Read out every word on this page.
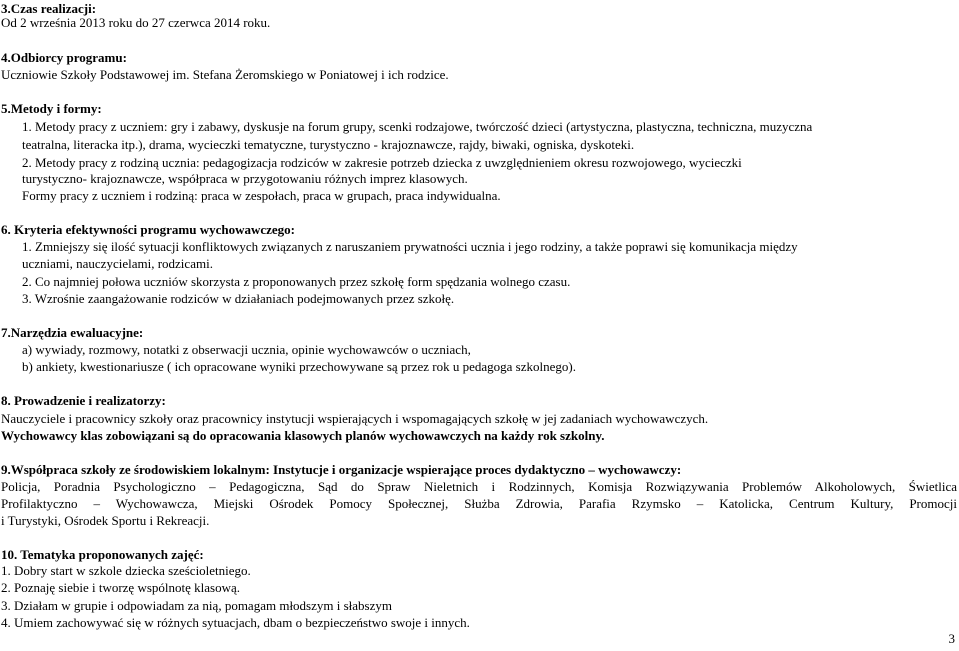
3.Czas realizacji:
Od 2 września 2013 roku do 27 czerwca 2014 roku.
4.Odbiorcy programu:
Uczniowie Szkoły Podstawowej im. Stefana Żeromskiego w Poniatowej i ich rodzice.
5.Metody i formy:
1. Metody pracy z uczniem: gry i zabawy, dyskusje na forum grupy, scenki rodzajowe, twórczość dzieci (artystyczna, plastyczna, techniczna, muzyczna
teatralna, literacka itp.), drama, wycieczki tematyczne, turystyczno - krajoznawcze, rajdy, biwaki, ogniska, dyskoteki.
2. Metody pracy z rodziną ucznia: pedagogizacja rodziców w zakresie potrzeb dziecka z uwzględnieniem okresu rozwojowego, wycieczki
turystyczno- krajoznawcze, współpraca w przygotowaniu różnych imprez klasowych.
Formy pracy z uczniem i rodziną: praca w zespołach, praca w grupach, praca indywidualna.
6. Kryteria efektywności programu wychowawczego:
1. Zmniejszy się ilość sytuacji konfliktowych związanych z naruszaniem prywatności ucznia i jego rodziny, a także poprawi się komunikacja między
uczniami, nauczycielami, rodzicami.
2. Co najmniej połowa uczniów skorzysta z proponowanych przez szkołę form spędzania wolnego czasu.
3. Wzrośnie zaangażowanie rodziców w działaniach podejmowanych przez szkołę.
7.Narzędzia ewaluacyjne:
a) wywiady, rozmowy, notatki z obserwacji ucznia, opinie wychowawców o uczniach,
b) ankiety, kwestionariusze ( ich opracowane wyniki przechowywane są przez rok u pedagoga szkolnego).
8. Prowadzenie i realizatorzy:
Nauczyciele i pracownicy szkoły oraz pracownicy instytucji wspierających i wspomagających szkołę w jej zadaniach wychowawczych.
Wychowawcy klas zobowiązani są do opracowania klasowych planów wychowawczych na każdy rok szkolny.
9.Współpraca szkoły ze środowiskiem lokalnym: Instytucje i organizacje wspierające proces dydaktyczno – wychowawczy:
Policja, Poradnia Psychologiczno – Pedagogiczna, Sąd do Spraw Nieletnich i Rodzinnych, Komisja Rozwiązywania Problemów Alkoholowych, Świetlica
Profilaktyczno – Wychowawcza, Miejski Ośrodek Pomocy Społecznej, Służba Zdrowia, Parafia Rzymsko – Katolicka, Centrum Kultury, Promocji
i Turystyki, Ośrodek Sportu i Rekreacji.
10. Tematyka proponowanych zajęć:
1. Dobry start w szkole dziecka sześcioletniego.
2. Poznaję siebie i tworzę wspólnotę klasową.
3. Działam w grupie i odpowiadam za nią, pomagam młodszym i słabszym
4. Umiem zachowywać się w różnych sytuacjach, dbam o bezpieczeństwo swoje i innych.
3
